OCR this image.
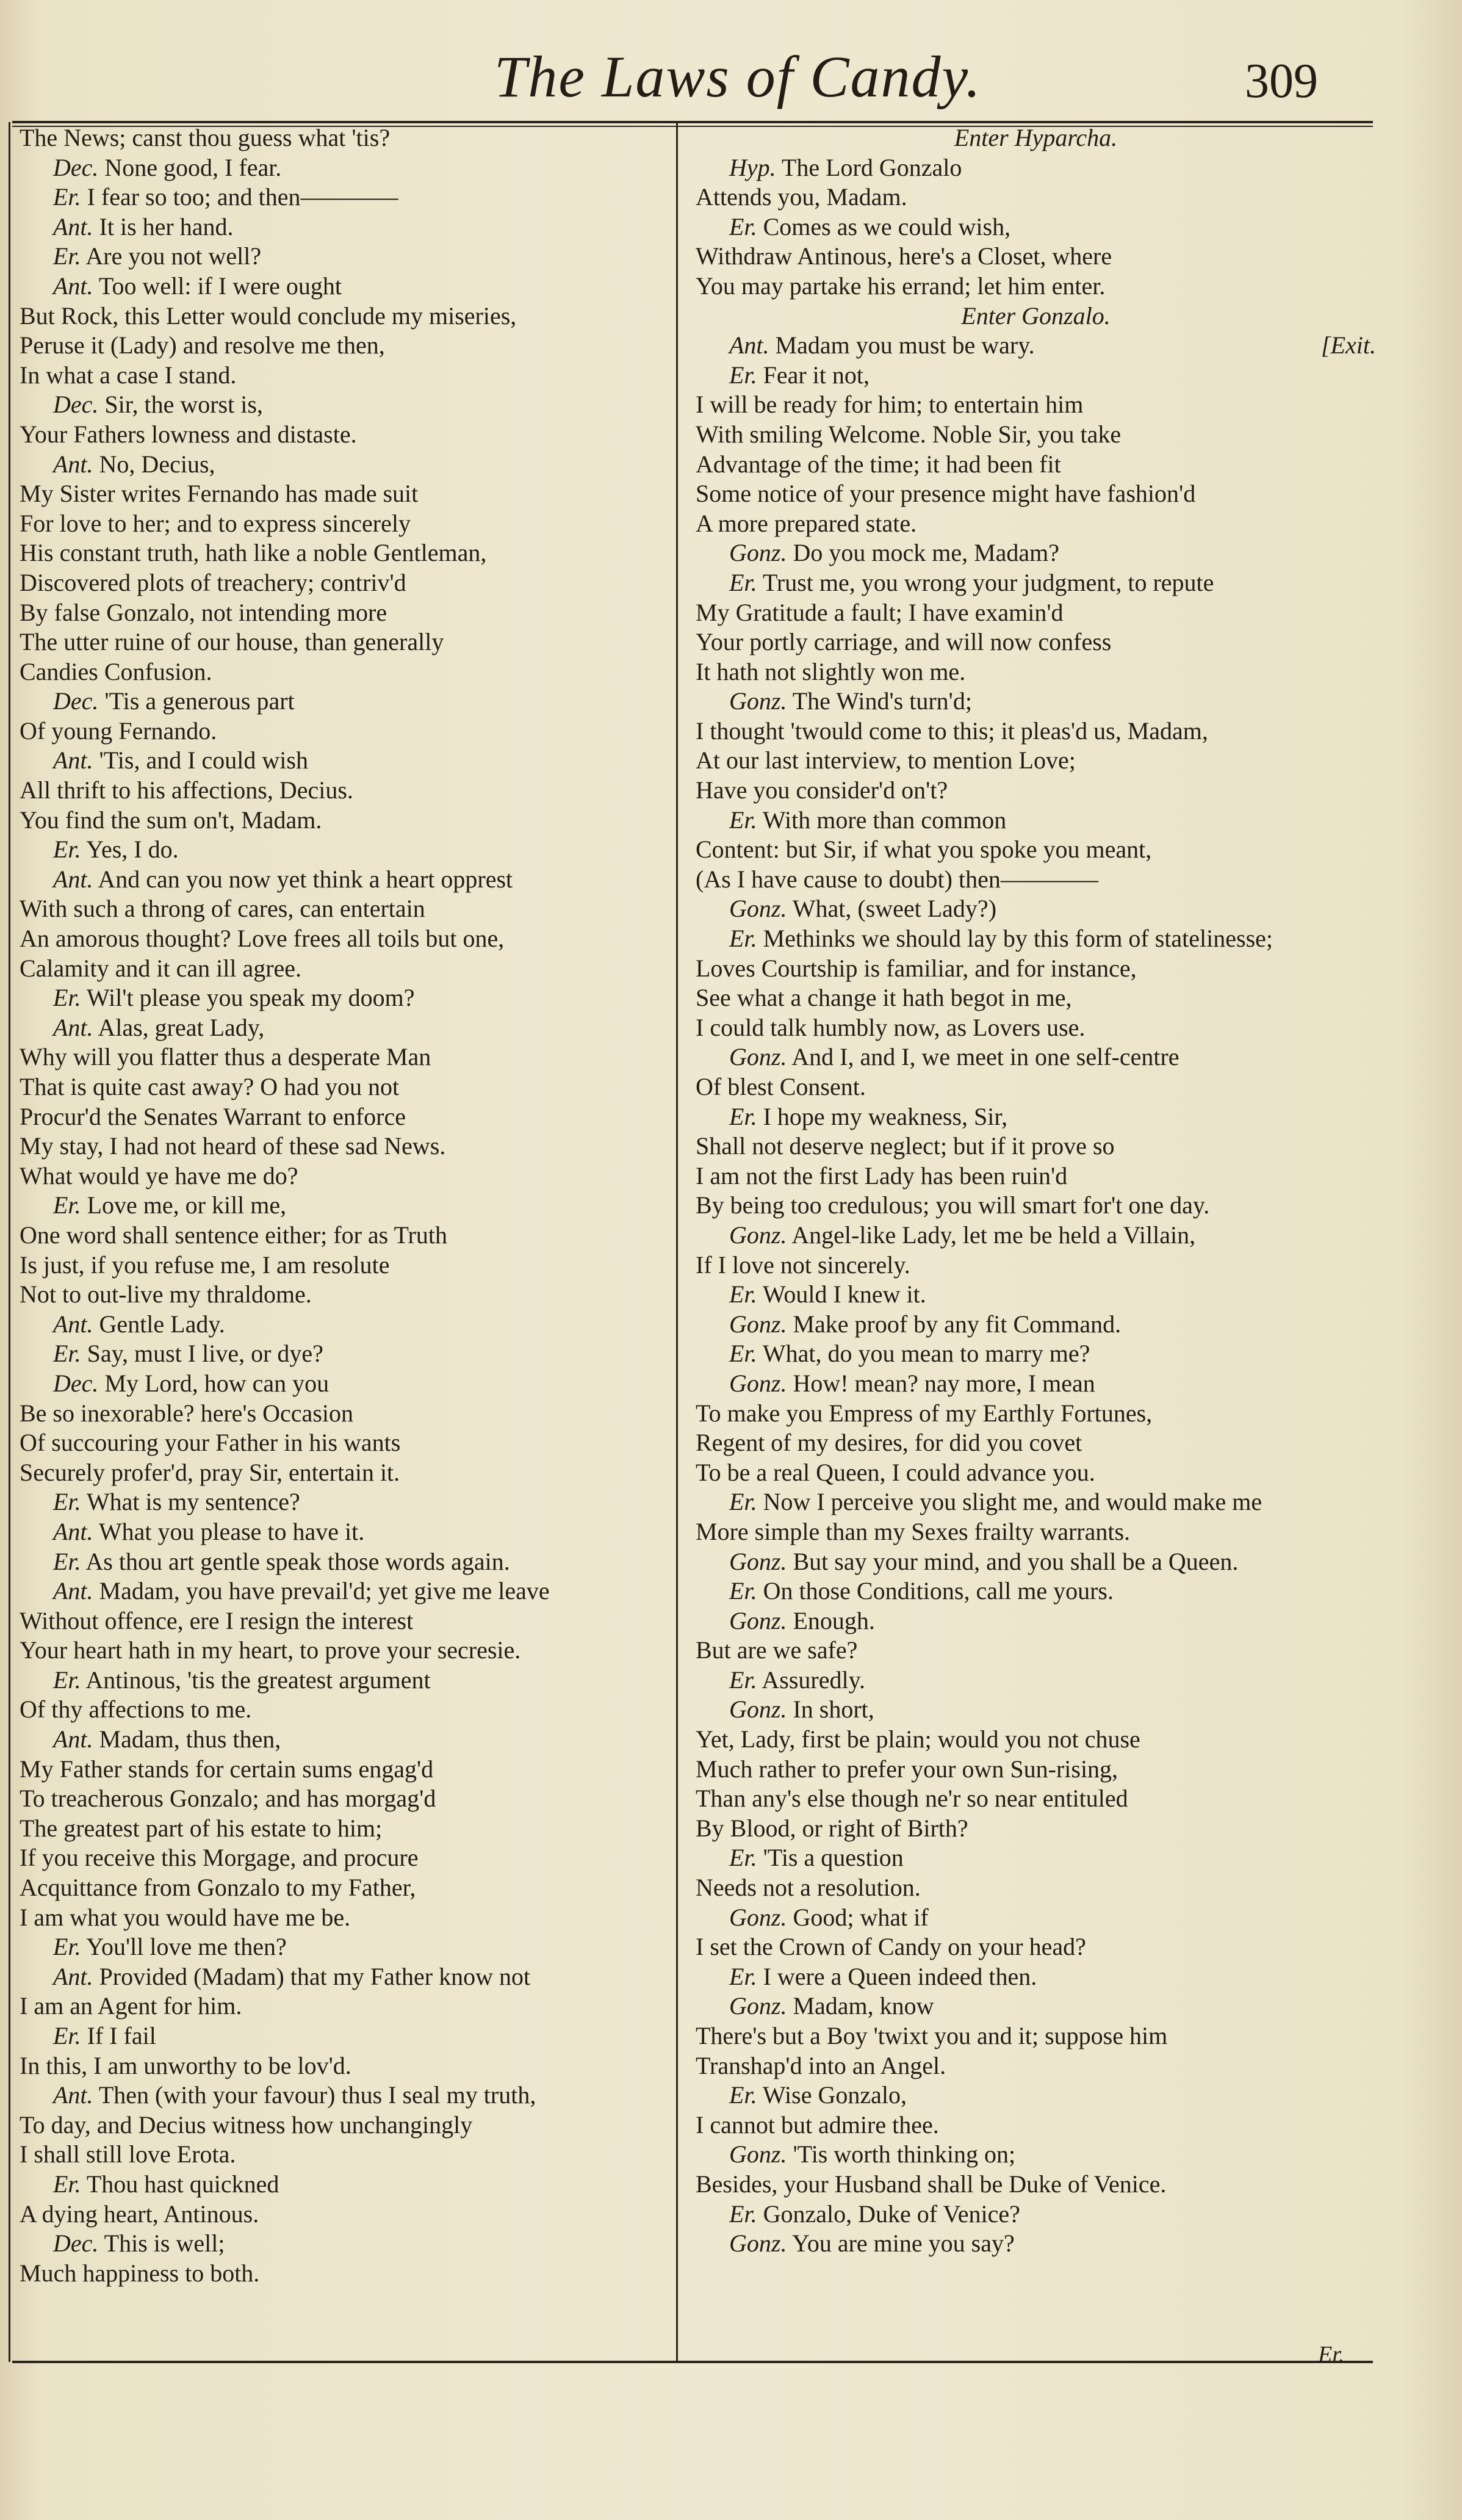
The Laws of Candy.	309
The News; canst thou guess what 'tis?
Dec. None good, I fear.
Er. I fear so too; and then————
Ant. It is her hand.
Er. Are you not well?
Ant. Too well: if I were ought
But Rock, this Letter would conclude my miseries,
Peruse it (Lady) and resolve me then,
In what a case I stand.
Dec. Sir, the worst is,
Your Fathers lowness and distaste.
Ant. No, Decius,
My Sister writes Fernando has made suit
For love to her; and to express sincerely
His constant truth, hath like a noble Gentleman,
Discovered plots of treachery; contriv'd
By false Gonzalo, not intending more
The utter ruine of our house, than generally
Candies Confusion.
Dec. 'Tis a generous part
Of young Fernando.
Ant. 'Tis, and I could wish
All thrift to his affections, Decius.
You find the sum on't, Madam.
Er. Yes, I do.
Ant. And can you now yet think a heart opprest
With such a throng of cares, can entertain
An amorous thought? Love frees all toils but one,
Calamity and it can ill agree.
Er. Wil't please you speak my doom?
Ant. Alas, great Lady,
Why will you flatter thus a desperate Man
That is quite cast away? O had you not
Procur'd the Senates Warrant to enforce
My stay, I had not heard of these sad News.
What would ye have me do?
Er. Love me, or kill me,
One word shall sentence either; for as Truth
Is just, if you refuse me, I am resolute
Not to out-live my thraldome.
Ant. Gentle Lady.
Er. Say, must I live, or dye?
Dec. My Lord, how can you
Be so inexorable? here's Occasion
Of succouring your Father in his wants
Securely profer'd, pray Sir, entertain it.
Er. What is my sentence?
Ant. What you please to have it.
Er. As thou art gentle speak those words again.
Ant. Madam, you have prevail'd; yet give me leave
Without offence, ere I resign the interest
Your heart hath in my heart, to prove your secresie.
Er. Antinous, 'tis the greatest argument
Of thy affections to me.
Ant. Madam, thus then,
My Father stands for certain sums engag'd
To treacherous Gonzalo; and has morgag'd
The greatest part of his estate to him;
If you receive this Morgage, and procure
Acquittance from Gonzalo to my Father,
I am what you would have me be.
Er. You'll love me then?
Ant. Provided (Madam) that my Father know not
I am an Agent for him.
Er. If I fail
In this, I am unworthy to be lov'd.
Ant. Then (with your favour) thus I seal my truth,
To day, and Decius witness how unchangingly
I shall still love Erota.
Er. Thou hast quickned
A dying heart, Antinous.
Dec. This is well;
Much happiness to both.
Enter Hyparcha.
Hyp. The Lord Gonzalo
Attends you, Madam.
Er. Comes as we could wish,
Withdraw Antinous, here's a Closet, where
You may partake his errand; let him enter.
Enter Gonzalo.
Ant. Madam you must be wary.	[Exit.
Er. Fear it not,
I will be ready for him; to entertain him
With smiling Welcome. Noble Sir, you take
Advantage of the time; it had been fit
Some notice of your presence might have fashion'd
A more prepared state.
Gonz. Do you mock me, Madam?
Er. Trust me, you wrong your judgment, to repute
My Gratitude a fault; I have examin'd
Your portly carriage, and will now confess
It hath not slightly won me.
Gonz. The Wind's turn'd;
I thought 'twould come to this; it pleas'd us, Madam,
At our last interview, to mention Love;
Have you consider'd on't?
Er. With more than common
Content: but Sir, if what you spoke you meant,
(As I have cause to doubt) then————
Gonz. What, (sweet Lady?)
Er. Methinks we should lay by this form of statelinesse;
Loves Courtship is familiar, and for instance,
See what a change it hath begot in me,
I could talk humbly now, as Lovers use.
Gonz. And I, and I, we meet in one self-centre
Of blest Consent.
Er. I hope my weakness, Sir,
Shall not deserve neglect; but if it prove so
I am not the first Lady has been ruin'd
By being too credulous; you will smart for't one day.
Gonz. Angel-like Lady, let me be held a Villain,
If I love not sincerely.
Er. Would I knew it.
Gonz. Make proof by any fit Command.
Er. What, do you mean to marry me?
Gonz. How! mean? nay more, I mean
To make you Empress of my Earthly Fortunes,
Regent of my desires, for did you covet
To be a real Queen, I could advance you.
Er. Now I perceive you slight me, and would make me
More simple than my Sexes frailty warrants.
Gonz. But say your mind, and you shall be a Queen.
Er. On those Conditions, call me yours.
Gonz. Enough.
But are we safe?
Er. Assuredly.
Gonz. In short,
Yet, Lady, first be plain; would you not chuse
Much rather to prefer your own Sun-rising,
Than any's else though ne'r so near entituled
By Blood, or right of Birth?
Er. 'Tis a question
Needs not a resolution.
Gonz. Good; what if
I set the Crown of Candy on your head?
Er. I were a Queen indeed then.
Gonz. Madam, know
There's but a Boy 'twixt you and it; suppose him
Transhap'd into an Angel.
Er. Wise Gonzalo,
I cannot but admire thee.
Gonz. 'Tis worth thinking on;
Besides, your Husband shall be Duke of Venice.
Er. Gonzalo, Duke of Venice?
Gonz. You are mine you say?
Er.
